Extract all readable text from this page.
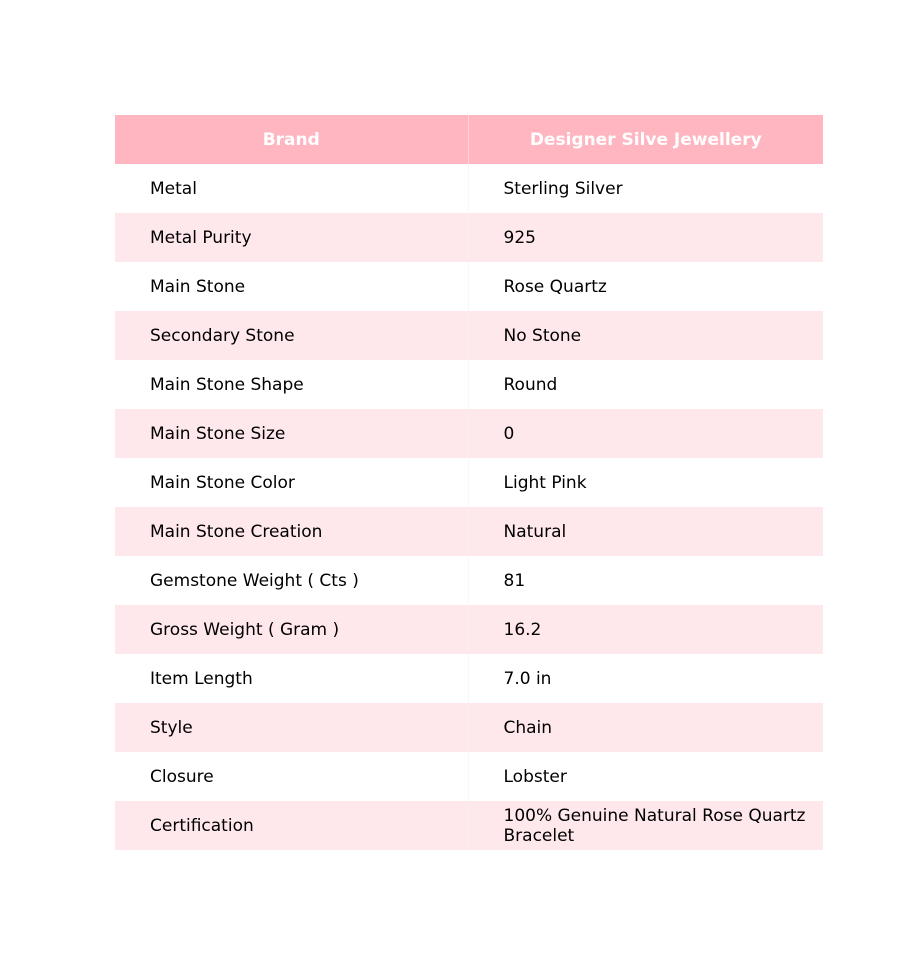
Brand	Designer Silve Jewellery
Metal	Sterling Silver
Metal Purity	925
Main Stone	Rose Quartz
Secondary Stone	No Stone
Main Stone Shape	Round
Main Stone Size	0
Main Stone Color	Light Pink
Main Stone Creation	Natural
Gemstone Weight ( Cts )	81
Gross Weight ( Gram )	16.2
Item Length	7.0 in
Style	Chain
Closure	Lobster
Certification	100% Genuine Natural Rose Quartz Bracelet
